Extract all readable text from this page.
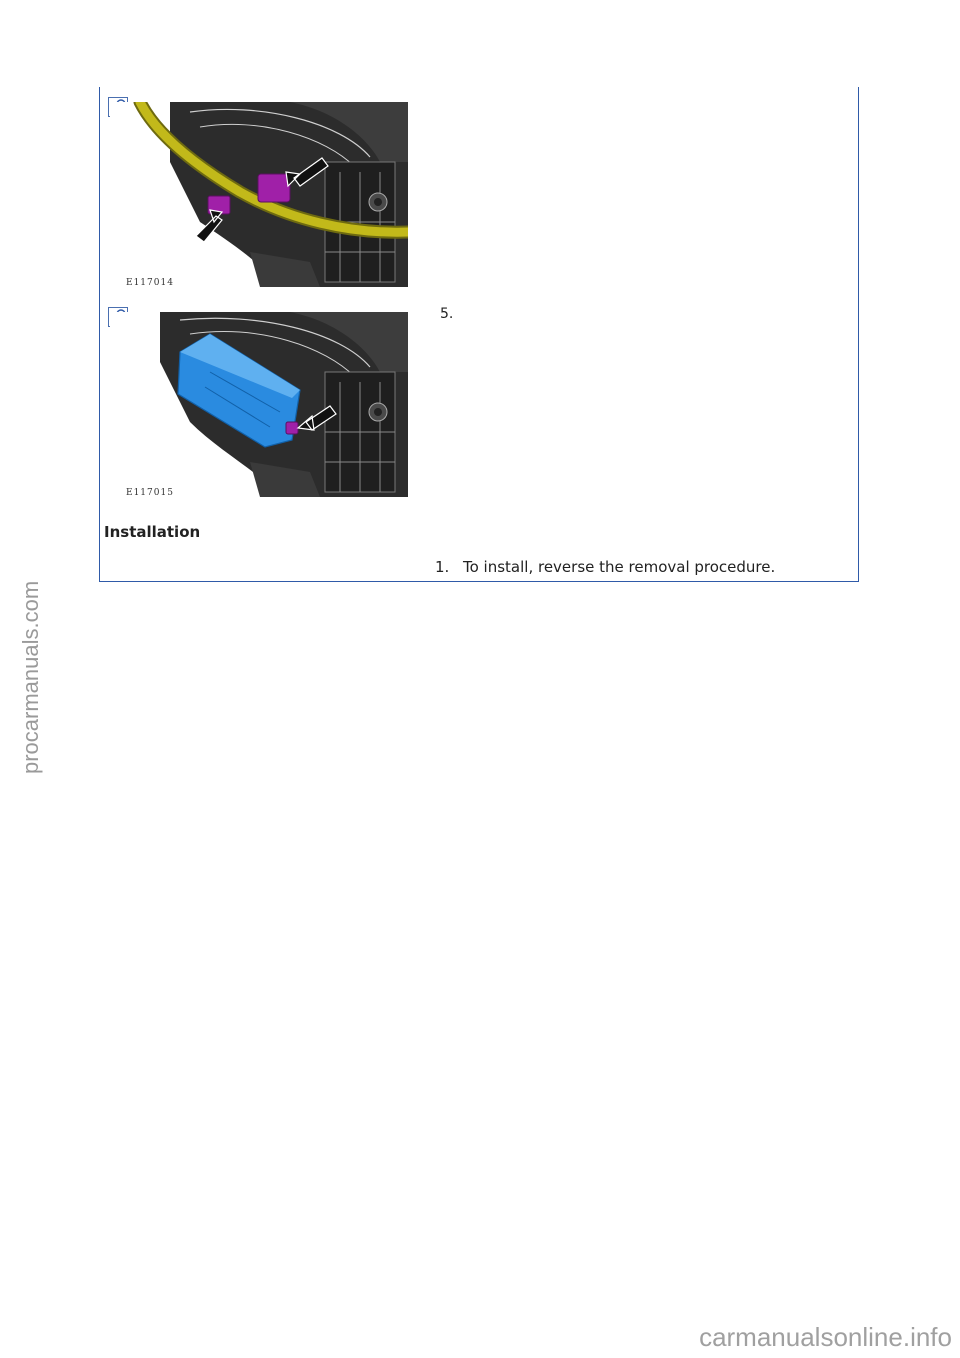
E117014
5.
E117015
Installation
1. To install, reverse the removal procedure.
procarmanuals.com
carmanualsonline.info
